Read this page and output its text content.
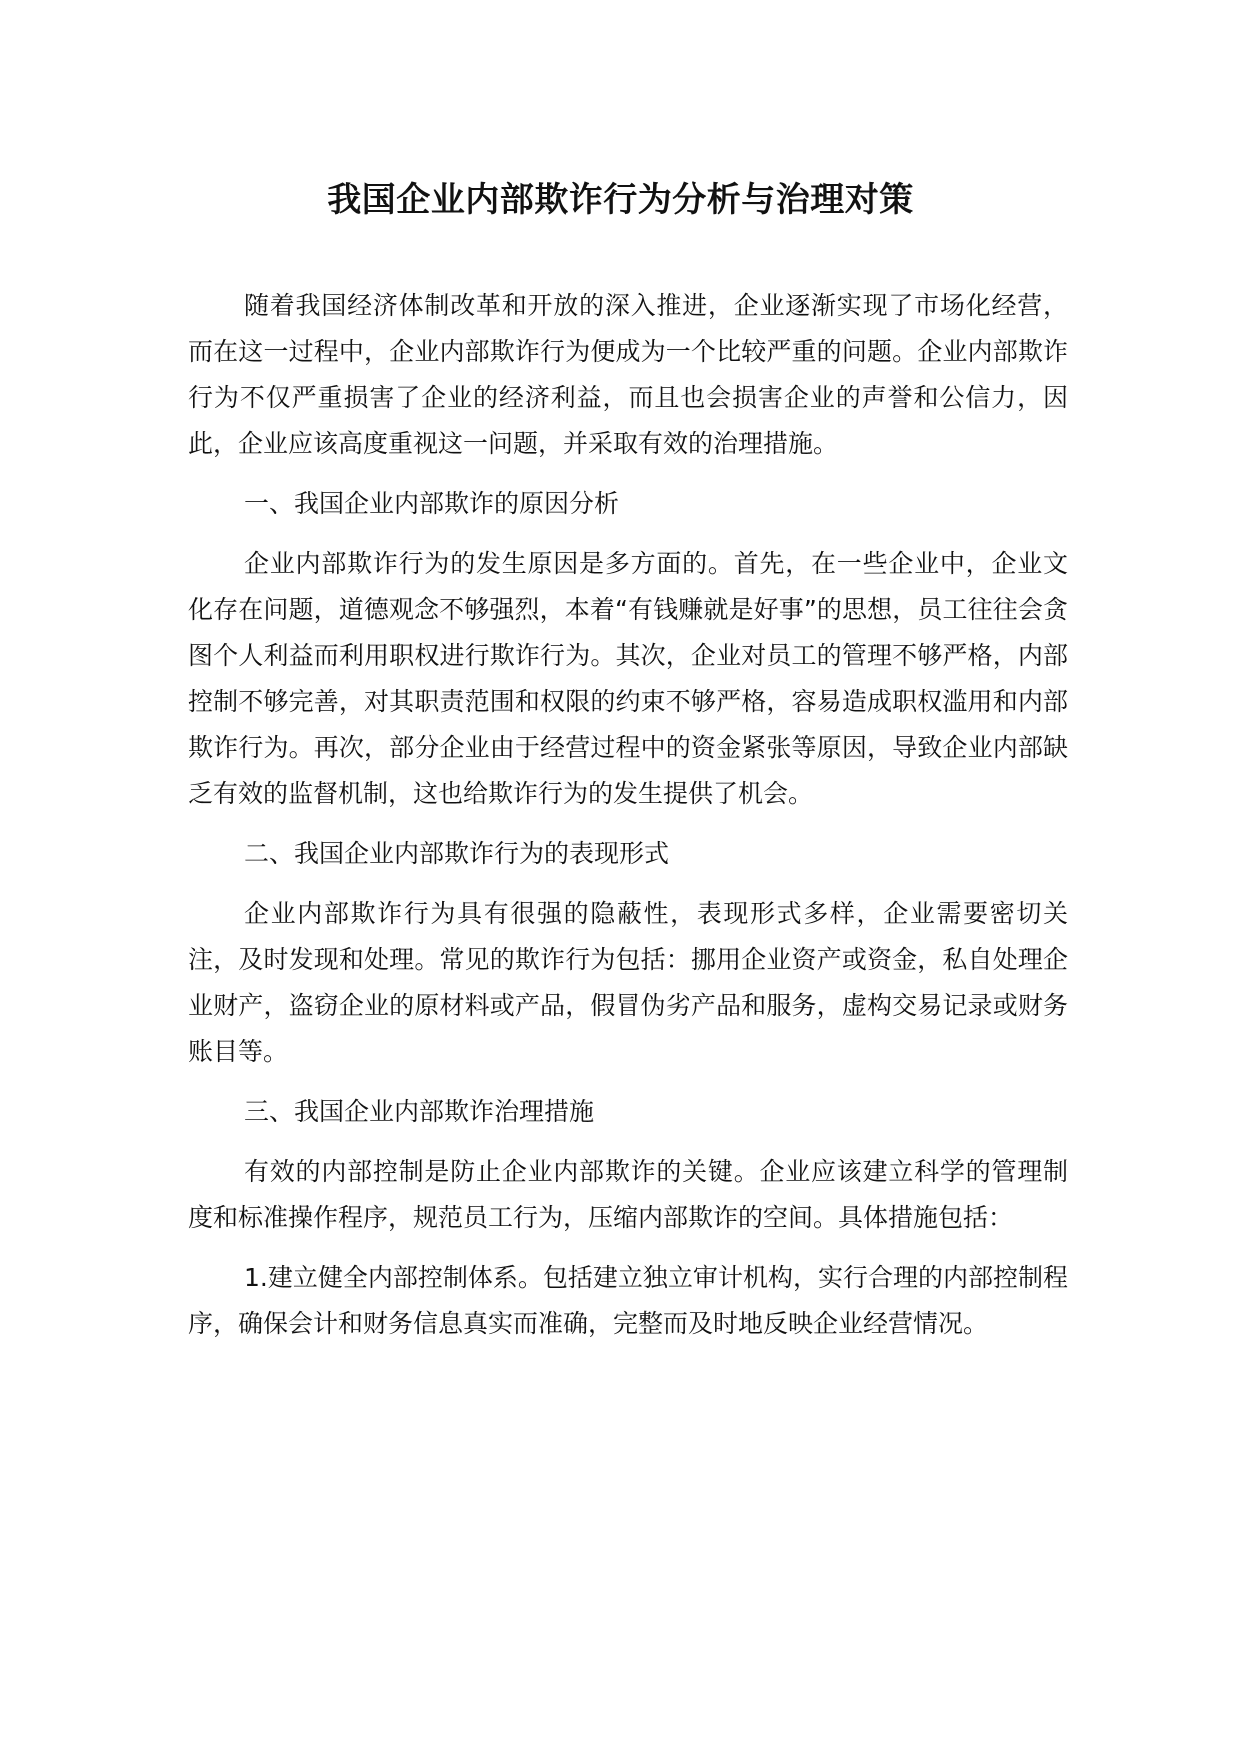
我国企业内部欺诈行为分析与治理对策

随着我国经济体制改革和开放的深入推进，企业逐渐实现了市场化经营，而在这一过程中，企业内部欺诈行为便成为一个比较严重的问题。企业内部欺诈行为不仅严重损害了企业的经济利益，而且也会损害企业的声誉和公信力，因此，企业应该高度重视这一问题，并采取有效的治理措施。

一、我国企业内部欺诈的原因分析

企业内部欺诈行为的发生原因是多方面的。首先，在一些企业中，企业文化存在问题，道德观念不够强烈，本着“有钱赚就是好事”的思想，员工往往会贪图个人利益而利用职权进行欺诈行为。其次，企业对员工的管理不够严格，内部控制不够完善，对其职责范围和权限的约束不够严格，容易造成职权滥用和内部欺诈行为。再次，部分企业由于经营过程中的资金紧张等原因，导致企业内部缺乏有效的监督机制，这也给欺诈行为的发生提供了机会。

二、我国企业内部欺诈行为的表现形式

企业内部欺诈行为具有很强的隐蔽性，表现形式多样，企业需要密切关注，及时发现和处理。常见的欺诈行为包括：挪用企业资产或资金，私自处理企业财产，盗窃企业的原材料或产品，假冒伪劣产品和服务，虚构交易记录或财务账目等。

三、我国企业内部欺诈治理措施

有效的内部控制是防止企业内部欺诈的关键。企业应该建立科学的管理制度和标准操作程序，规范员工行为，压缩内部欺诈的空间。具体措施包括：

1.建立健全内部控制体系。包括建立独立审计机构，实行合理的内部控制程序，确保会计和财务信息真实而准确，完整而及时地反映企业经营情况。
